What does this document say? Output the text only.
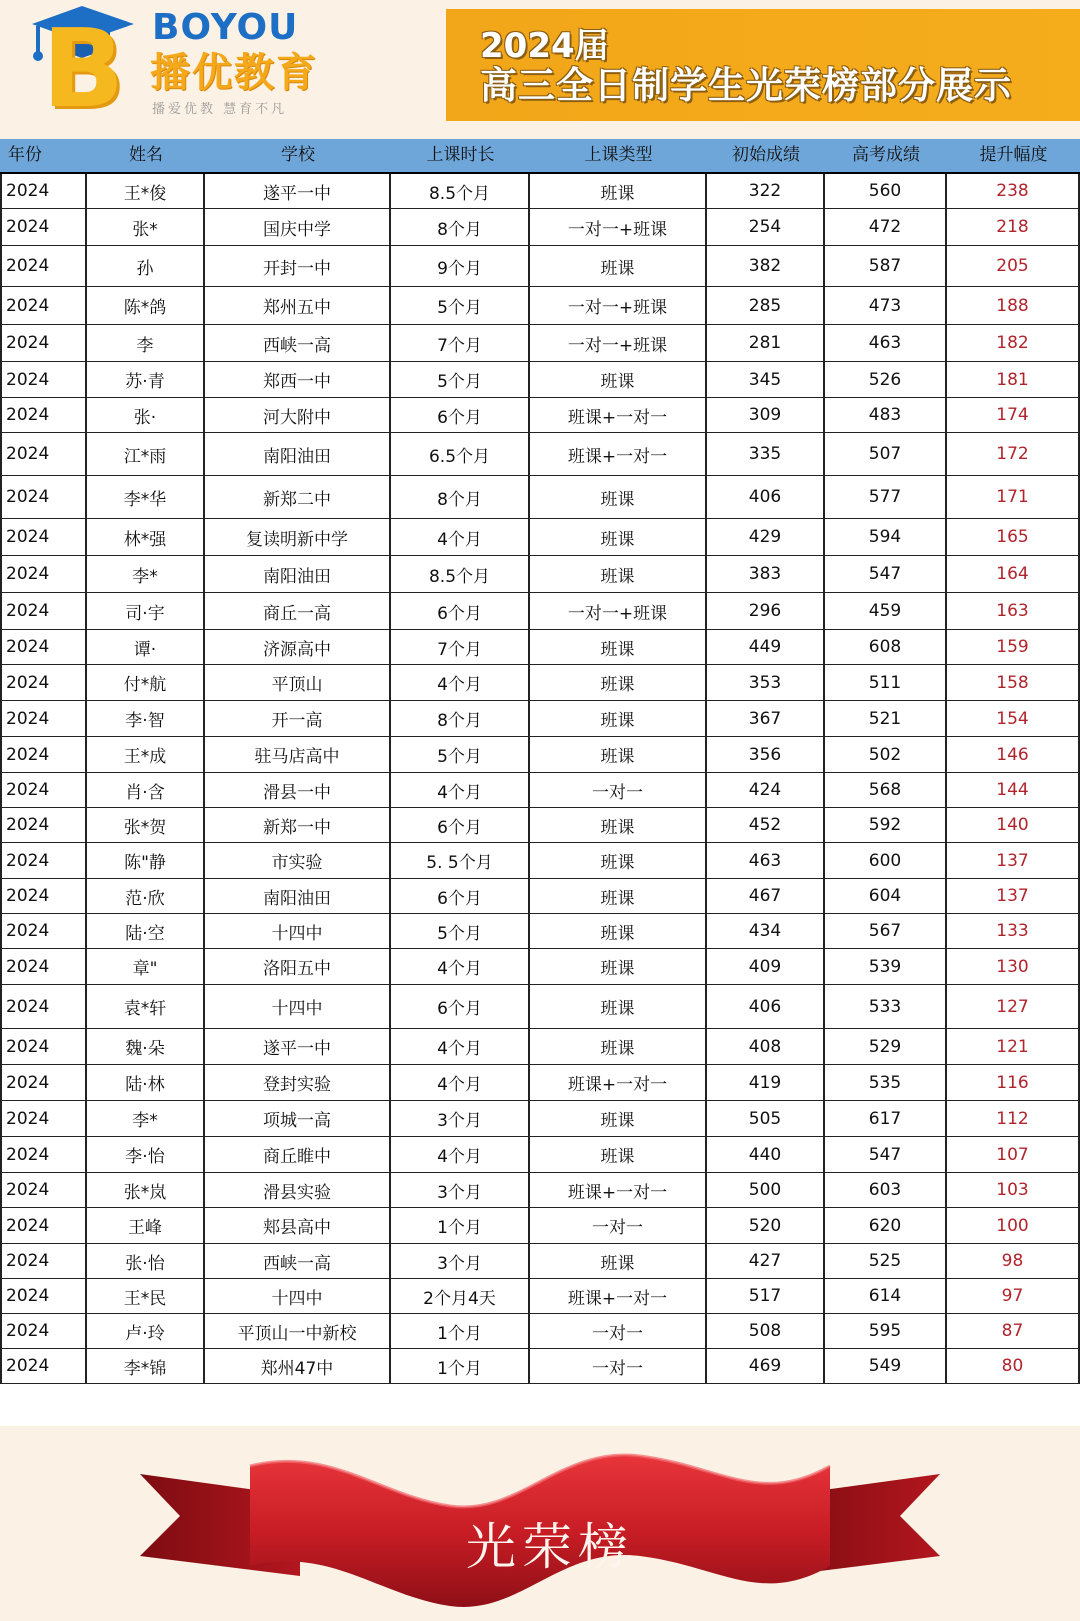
B BOYOU
播优教育
播爱优教 慧育不凡
2024届
高三全日制学生光荣榜部分展示
年份	姓名	学校	上课时长	上课类型	初始成绩	高考成绩	提升幅度
2024	王*俊	遂平一中	8.5个月	班课	322	560	238
2024	张*	国庆中学	8个月	一对一+班课	254	472	218
2024	孙	开封一中	9个月	班课	382	587	205
2024	陈*鸽	郑州五中	5个月	一对一+班课	285	473	188
2024	李	西峡一高	7个月	一对一+班课	281	463	182
2024	苏·青	郑西一中	5个月	班课	345	526	181
2024	张·	河大附中	6个月	班课+一对一	309	483	174
2024	江*雨	南阳油田	6.5个月	班课+一对一	335	507	172
2024	李*华	新郑二中	8个月	班课	406	577	171
2024	林*强	复读明新中学	4个月	班课	429	594	165
2024	李*	南阳油田	8.5个月	班课	383	547	164
2024	司·宇	商丘一高	6个月	一对一+班课	296	459	163
2024	谭·	济源高中	7个月	班课	449	608	159
2024	付*航	平顶山	4个月	班课	353	511	158
2024	李·智	开一高	8个月	班课	367	521	154
2024	王*成	驻马店高中	5个月	班课	356	502	146
2024	肖·含	滑县一中	4个月	一对一	424	568	144
2024	张*贺	新郑一中	6个月	班课	452	592	140
2024	陈"静	市实验	5. 5个月	班课	463	600	137
2024	范·欣	南阳油田	6个月	班课	467	604	137
2024	陆·空	十四中	5个月	班课	434	567	133
2024	章"	洛阳五中	4个月	班课	409	539	130
2024	袁*轩	十四中	6个月	班课	406	533	127
2024	魏·朵	遂平一中	4个月	班课	408	529	121
2024	陆·林	登封实验	4个月	班课+一对一	419	535	116
2024	李*	项城一高	3个月	班课	505	617	112
2024	李·怡	商丘睢中	4个月	班课	440	547	107
2024	张*岚	滑县实验	3个月	班课+一对一	500	603	103
2024	王峰	郏县高中	1个月	一对一	520	620	100
2024	张·怡	西峡一高	3个月	班课	427	525	98
2024	王*民	十四中	2个月4天	班课+一对一	517	614	97
2024	卢·玲	平顶山一中新校	1个月	一对一	508	595	87
2024	李*锦	郑州47中	1个月	一对一	469	549	80
光荣榜
